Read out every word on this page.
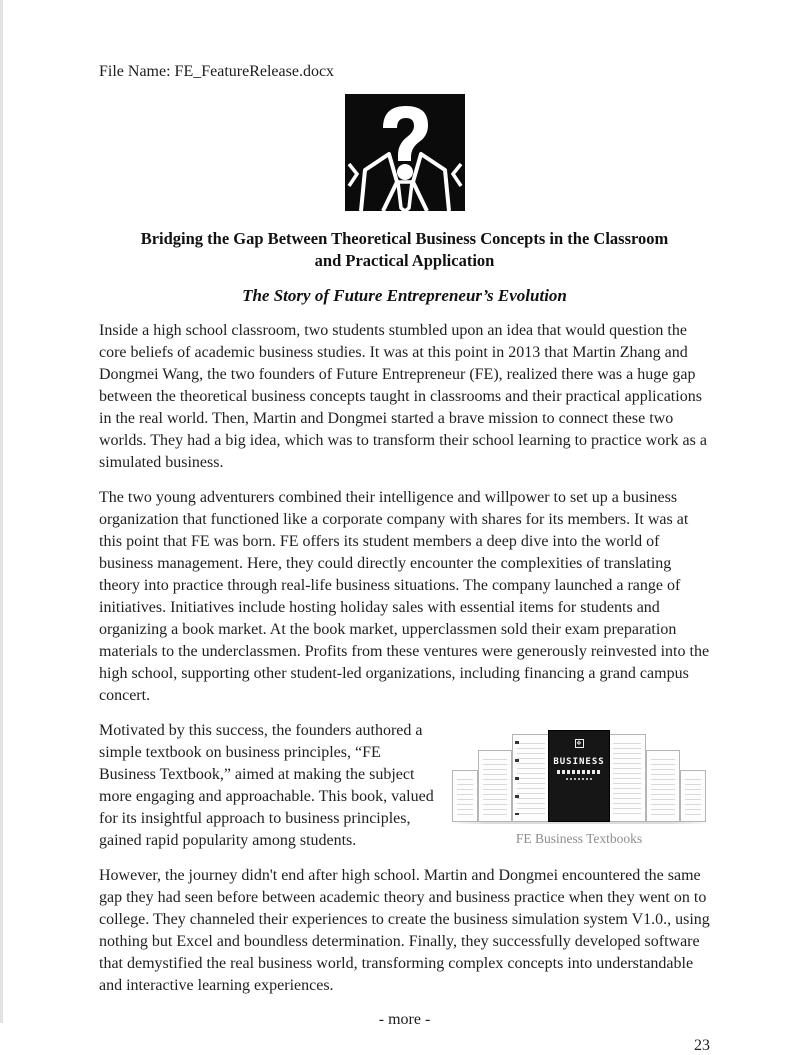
File Name: FE_FeatureRelease.docx
Bridging the Gap Between Theoretical Business Concepts in the Classroom
and Practical Application
The Story of Future Entrepreneur’s Evolution

Inside a high school classroom, two students stumbled upon an idea that would question the core beliefs of academic business studies. It was at this point in 2013 that Martin Zhang and Dongmei Wang, the two founders of Future Entrepreneur (FE), realized there was a huge gap between the theoretical business concepts taught in classrooms and their practical applications in the real world. Then, Martin and Dongmei started a brave mission to connect these two worlds. They had a big idea, which was to transform their school learning to practice work as a simulated business.

The two young adventurers combined their intelligence and willpower to set up a business organization that functioned like a corporate company with shares for its members. It was at this point that FE was born. FE offers its student members a deep dive into the world of business management. Here, they could directly encounter the complexities of translating theory into practice through real-life business situations. The company launched a range of initiatives. Initiatives include hosting holiday sales with essential items for students and organizing a book market. At the book market, upperclassmen sold their exam preparation materials to the underclassmen. Profits from these ventures were generously reinvested into the high school, supporting other student-led organizations, including financing a grand campus concert.

❖
BUSINESS
FE Business Textbooks

Motivated by this success, the founders authored a simple textbook on business principles, “FE Business Textbook,” aimed at making the subject more engaging and approachable. This book, valued for its insightful approach to business principles, gained rapid popularity among students.

However, the journey didn't end after high school. Martin and Dongmei encountered the same gap they had seen before between academic theory and business practice when they went on to college. They channeled their experiences to create the business simulation system V1.0., using nothing but Excel and boundless determination. Finally, they successfully developed software that demystified the real business world, transforming complex concepts into understandable and interactive learning experiences.

- more -
23
